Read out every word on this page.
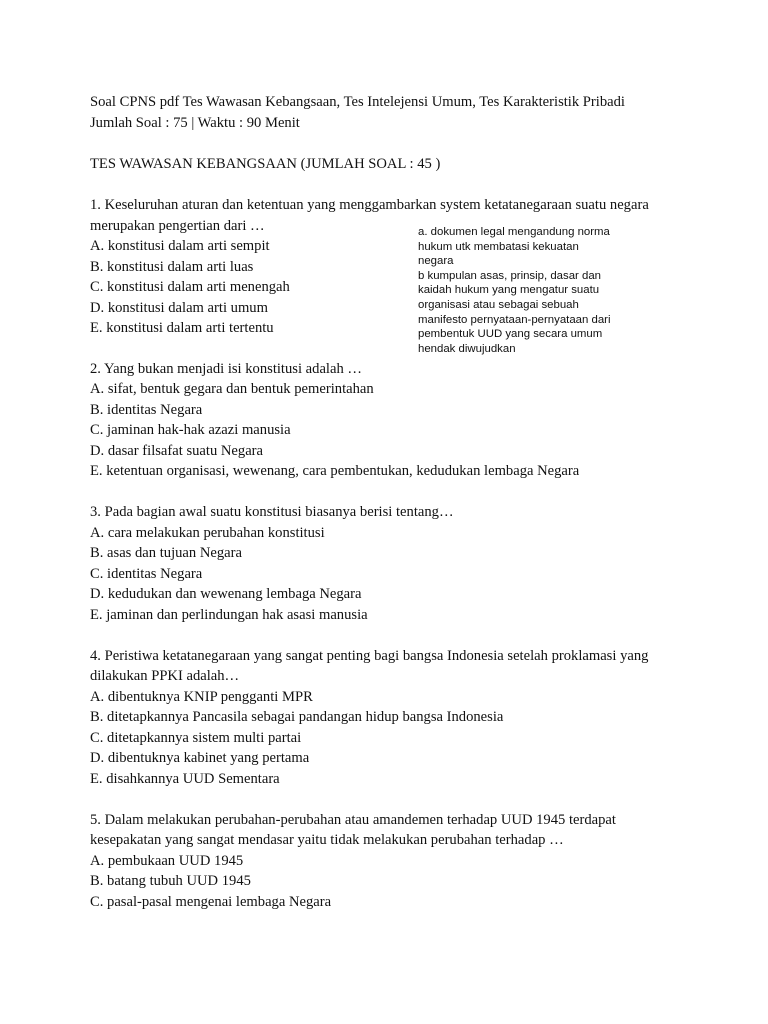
Soal CPNS pdf Tes Wawasan Kebangsaan, Tes Intelejensi Umum, Tes Karakteristik Pribadi
Jumlah Soal : 75 | Waktu : 90 Menit
TES WAWASAN KEBANGSAAN (JUMLAH SOAL : 45 )
1. Keseluruhan aturan dan ketentuan yang menggambarkan system ketatanegaraan suatu negara
merupakan pengertian dari …
A. konstitusi dalam arti sempit
B. konstitusi dalam arti luas
C. konstitusi dalam arti menengah
D. konstitusi dalam arti umum
E. konstitusi dalam arti tertentu
a. dokumen legal mengandung norma
hukum utk membatasi kekuatan
negara
b kumpulan asas, prinsip, dasar dan
kaidah hukum yang mengatur suatu
organisasi atau sebagai sebuah
manifesto pernyataan-pernyataan dari
pembentuk UUD yang secara umum
hendak diwujudkan
2. Yang bukan menjadi isi konstitusi adalah …
A. sifat, bentuk gegara dan bentuk pemerintahan
B. identitas Negara
C. jaminan hak-hak azazi manusia
D. dasar filsafat suatu Negara
E. ketentuan organisasi, wewenang, cara pembentukan, kedudukan lembaga Negara
3. Pada bagian awal suatu konstitusi biasanya berisi tentang…
A. cara melakukan perubahan konstitusi
B. asas dan tujuan Negara
C. identitas Negara
D. kedudukan dan wewenang lembaga Negara
E. jaminan dan perlindungan hak asasi manusia
4. Peristiwa ketatanegaraan yang sangat penting bagi bangsa Indonesia setelah proklamasi yang
dilakukan PPKI adalah…
A. dibentuknya KNIP pengganti MPR
B. ditetapkannya Pancasila sebagai pandangan hidup bangsa Indonesia
C. ditetapkannya sistem multi partai
D. dibentuknya kabinet yang pertama
E. disahkannya UUD Sementara
5. Dalam melakukan perubahan-perubahan atau amandemen terhadap UUD 1945 terdapat
kesepakatan yang sangat mendasar yaitu tidak melakukan perubahan terhadap …
A. pembukaan UUD 1945
B. batang tubuh UUD 1945
C. pasal-pasal mengenai lembaga Negara
